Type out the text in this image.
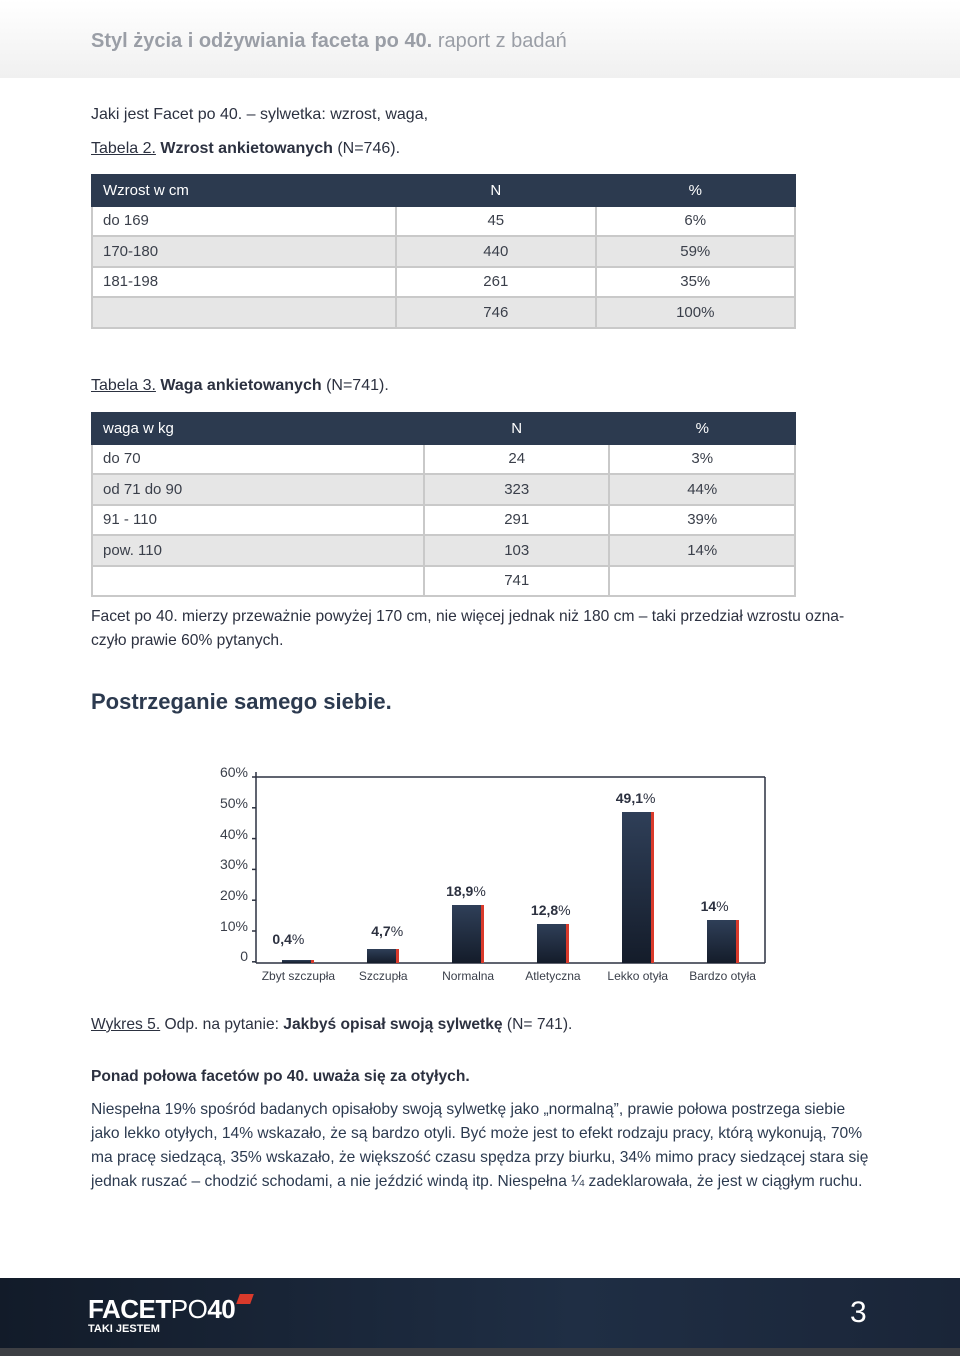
Styl życia i odżywiania faceta po 40. raport z badań
Jaki jest Facet po 40. – sylwetka: wzrost, waga,
Tabela 2. Wzrost ankietowanych (N=746).
Wzrost w cm	N	%
do 169	45	6%
170-180	440	59%
181-198	261	35%
	746	100%
Tabela 3. Waga ankietowanych (N=741).
waga w kg	N	%
do 70	24	3%
od 71 do 90	323	44%
91 - 110	291	39%
pow. 110	103	14%
	741	
Facet po 40. mierzy przeważnie powyżej 170 cm, nie więcej jednak niż 180 cm – taki przedział wzrostu ozna-
czyło prawie 60% pytanych.
Postrzeganie samego siebie.
60%
50%
40%
30%
20%
10%
0
0,4%
Zbyt szczupła
4,7%
Szczupła
18,9%
Normalna
12,8%
Atletyczna
49,1%
Lekko otyła
14%
Bardzo otyła
Wykres 5. Odp. na pytanie: Jakbyś opisał swoją sylwetkę (N= 741).
Ponad połowa facetów po 40. uważa się za otyłych.
Niespełna 19% spośród badanych opisałoby swoją sylwetkę jako „normalną”, prawie połowa postrzega siebie
jako lekko otyłych, 14% wskazało, że są bardzo otyli. Być może jest to efekt rodzaju pracy, którą wykonują, 70%
ma pracę siedzącą, 35% wskazało, że większość czasu spędza przy biurku, 34% mimo pracy siedzącej stara się
jednak ruszać – chodzić schodami, a nie jeździć windą itp. Niespełna ¼ zadeklarowała, że jest w ciągłym ruchu.
FACETPO40
TAKI JESTEM	3
